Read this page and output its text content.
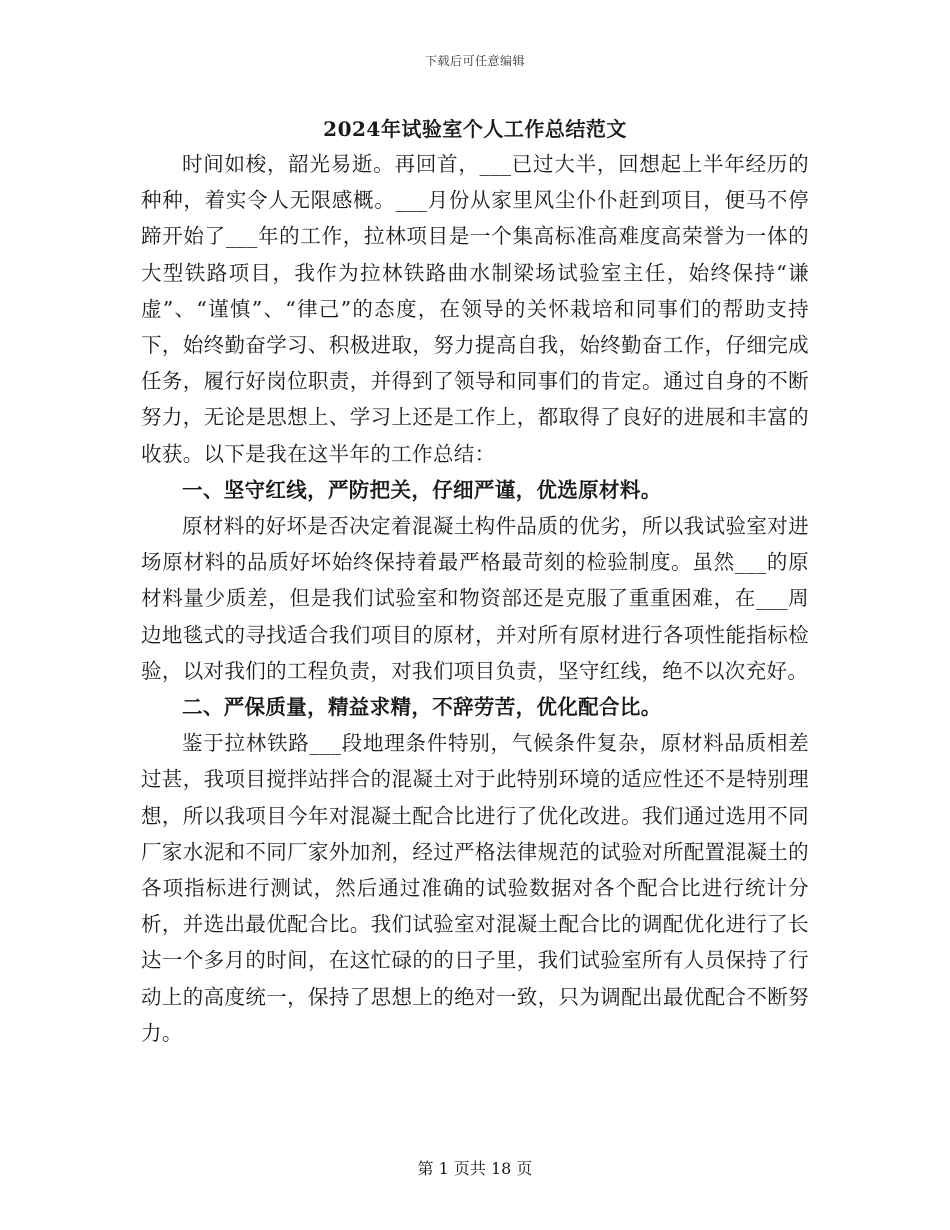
下载后可任意编辑
2024年试验室个人工作总结范文

时间如梭，韶光易逝。再回首，___已过大半，回想起上半年经历的种种，着实令人无限感概。___月份从家里风尘仆仆赶到项目，便马不停蹄开始了___年的工作，拉林项目是一个集高标准高难度高荣誉为一体的大型铁路项目，我作为拉林铁路曲水制梁场试验室主任，始终保持“谦虚”、“谨慎”、“律己”的态度，在领导的关怀栽培和同事们的帮助支持下，始终勤奋学习、积极进取，努力提高自我，始终勤奋工作，仔细完成任务，履行好岗位职责，并得到了领导和同事们的肯定。通过自身的不断努力，无论是思想上、学习上还是工作上，都取得了良好的进展和丰富的收获。以下是我在这半年的工作总结：

一、坚守红线，严防把关，仔细严谨，优选原材料。

原材料的好坏是否决定着混凝土构件品质的优劣，所以我试验室对进场原材料的品质好坏始终保持着最严格最苛刻的检验制度。虽然___的原材料量少质差，但是我们试验室和物资部还是克服了重重困难，在___周边地毯式的寻找适合我们项目的原材，并对所有原材进行各项性能指标检验，以对我们的工程负责，对我们项目负责，坚守红线，绝不以次充好。

二、严保质量，精益求精，不辞劳苦，优化配合比。

鉴于拉林铁路___段地理条件特别，气候条件复杂，原材料品质相差过甚，我项目搅拌站拌合的混凝土对于此特别环境的适应性还不是特别理想，所以我项目今年对混凝土配合比进行了优化改进。我们通过选用不同厂家水泥和不同厂家外加剂，经过严格法律规范的试验对所配置混凝土的各项指标进行测试，然后通过准确的试验数据对各个配合比进行统计分析，并选出最优配合比。我们试验室对混凝土配合比的调配优化进行了长达一个多月的时间，在这忙碌的的日子里，我们试验室所有人员保持了行动上的高度统一，保持了思想上的绝对一致，只为调配出最优配合不断努力。

第 1 页共 18 页
